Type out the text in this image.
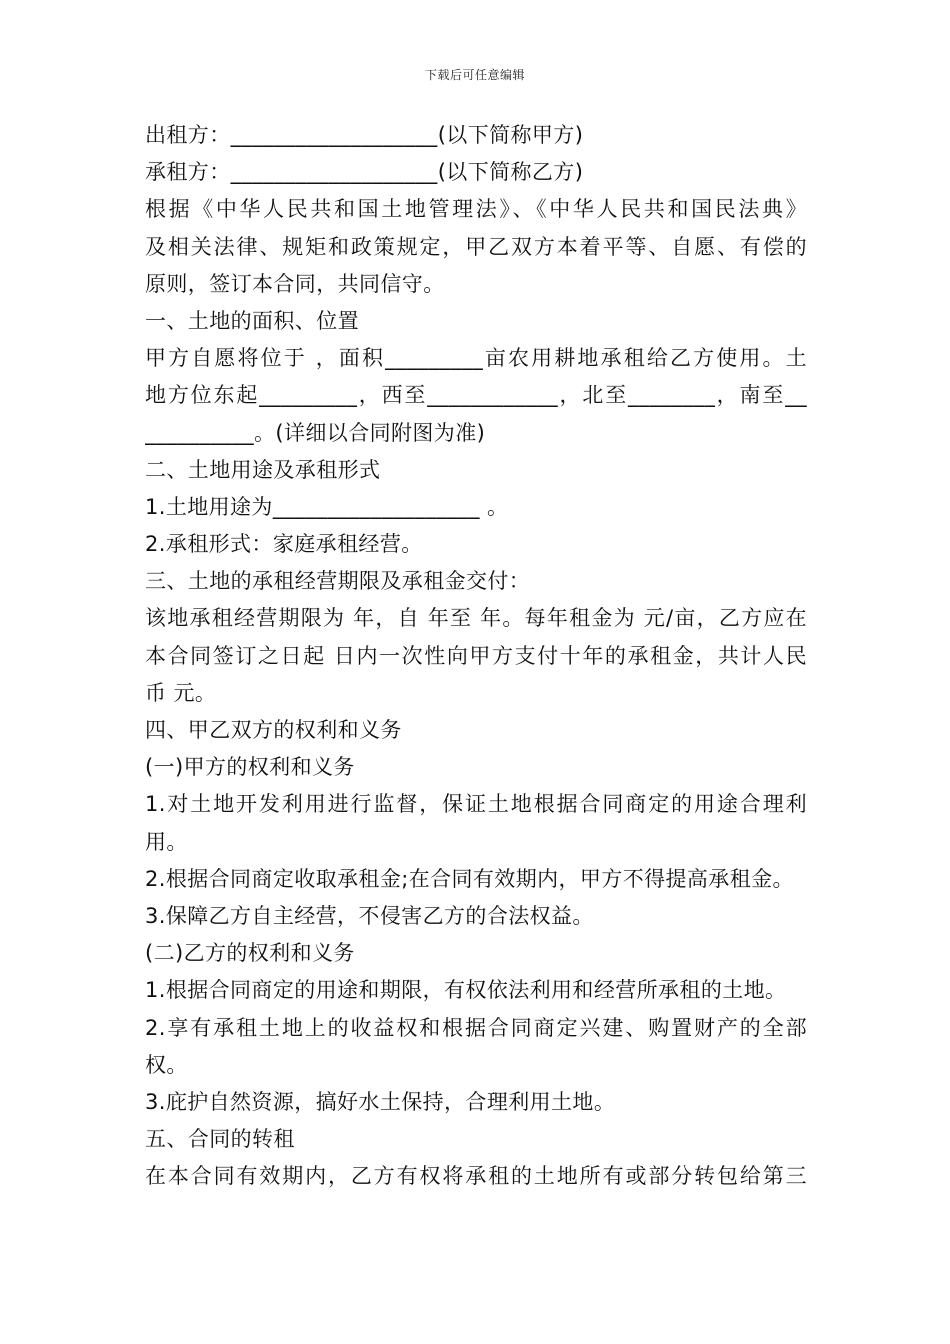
下载后可任意编辑
出租方：___________________(以下简称甲方)
承租方：___________________(以下简称乙方)
根据《中华人民共和国土地管理法》、《中华人民共和国民法典》
及相关法律、规矩和政策规定，甲乙双方本着平等、自愿、有偿的
原则，签订本合同，共同信守。
一、土地的面积、位置
甲方自愿将位于 ，面积_________亩农用耕地承租给乙方使用。土
地方位东起_________，西至____________，北至________，南至__
__________。(详细以合同附图为准)
二、土地用途及承租形式
1.土地用途为___________________ 。
2.承租形式：家庭承租经营。
三、土地的承租经营期限及承租金交付：
该地承租经营期限为 年，自 年至 年。每年租金为 元/亩，乙方应在
本合同签订之日起 日内一次性向甲方支付十年的承租金，共计人民
币 元。
四、甲乙双方的权利和义务
(一)甲方的权利和义务
1.对土地开发利用进行监督，保证土地根据合同商定的用途合理利
用。
2.根据合同商定收取承租金;在合同有效期内，甲方不得提高承租金。
3.保障乙方自主经营，不侵害乙方的合法权益。
(二)乙方的权利和义务
1.根据合同商定的用途和期限，有权依法利用和经营所承租的土地。
2.享有承租土地上的收益权和根据合同商定兴建、购置财产的全部
权。
3.庇护自然资源，搞好水土保持，合理利用土地。
五、合同的转租
在本合同有效期内，乙方有权将承租的土地所有或部分转包给第三
